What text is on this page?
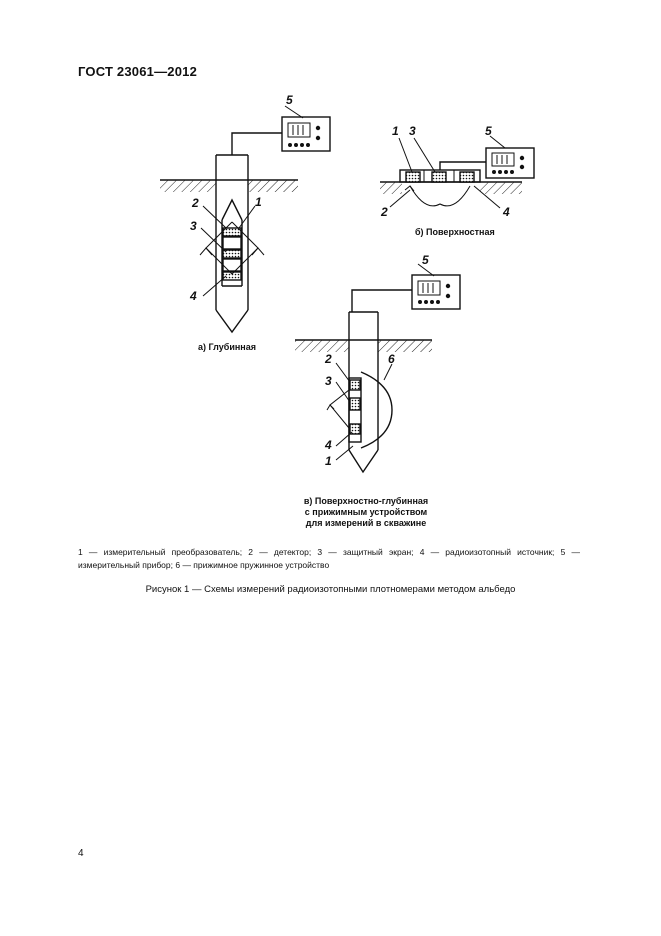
ГОСТ 23061—2012
5
2	1
3
4
5
1 3
2	4
5
2	6
3
4
1
а) Глубинная
б) Поверхностная
в) Поверхностно-глубинная
с прижимным устройством
для измерений в скважине
1 — измерительный преобразователь; 2 — детектор; 3 — защитный экран; 4 — радиоизотопный источник; 5 — измерительный прибор; 6 — прижимное пружинное устройство
Рисунок 1 — Схемы измерений радиоизотопными плотномерами методом альбедо
4
